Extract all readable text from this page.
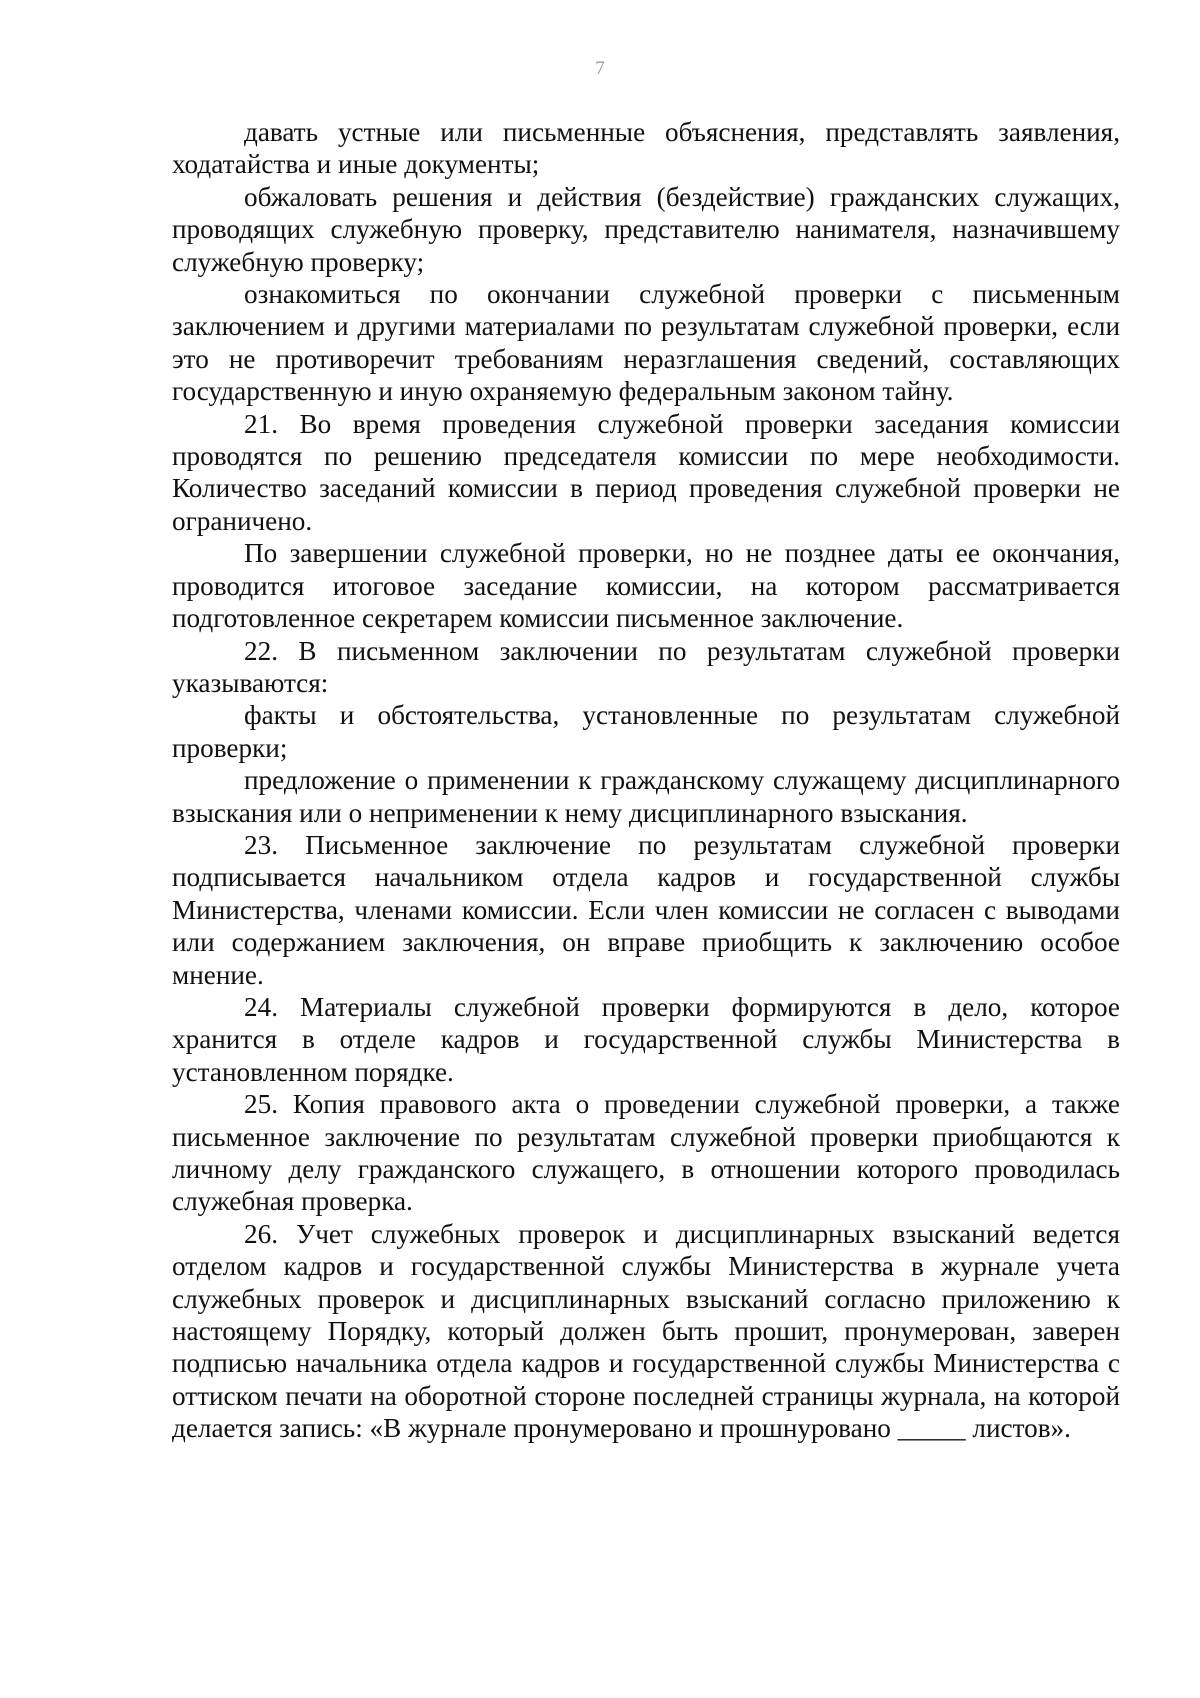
7

давать устные или письменные объяснения, представлять заявления, ходатайства и иные документы;

обжаловать решения и действия (бездействие) гражданских служащих, проводящих служебную проверку, представителю нанимателя, назначившему служебную проверку;

ознакомиться по окончании служебной проверки с письменным заключением и другими материалами по результатам служебной проверки, если это не противоречит требованиям неразглашения сведений, составляющих государственную и иную охраняемую федеральным законом тайну.

21. Во время проведения служебной проверки заседания комиссии проводятся по решению председателя комиссии по мере необходимости. Количество заседаний комиссии в период проведения служебной проверки не ограничено.

По завершении служебной проверки, но не позднее даты ее окончания, проводится итоговое заседание комиссии, на котором рассматривается подготовленное секретарем комиссии письменное заключение.

22. В письменном заключении по результатам служебной проверки указываются:

факты и обстоятельства, установленные по результатам служебной проверки;

предложение о применении к гражданскому служащему дисциплинарного взыскания или о неприменении к нему дисциплинарного взыскания.

23. Письменное заключение по результатам служебной проверки подписывается начальником отдела кадров и государственной службы Министерства, членами комиссии. Если член комиссии не согласен с выводами или содержанием заключения, он вправе приобщить к заключению особое мнение.

24. Материалы служебной проверки формируются в дело, которое хранится в отделе кадров и государственной службы Министерства в установленном порядке.

25. Копия правового акта о проведении служебной проверки, а также письменное заключение по результатам служебной проверки приобщаются к личному делу гражданского служащего, в отношении которого проводилась служебная проверка.

26. Учет служебных проверок и дисциплинарных взысканий ведется отделом кадров и государственной службы Министерства в журнале учета служебных проверок и дисциплинарных взысканий согласно приложению к настоящему Порядку, который должен быть прошит, пронумерован, заверен подписью начальника отдела кадров и государственной службы Министерства с оттиском печати на оборотной стороне последней страницы журнала, на которой делается запись: «В журнале пронумеровано и прошнуровано _____ листов».
